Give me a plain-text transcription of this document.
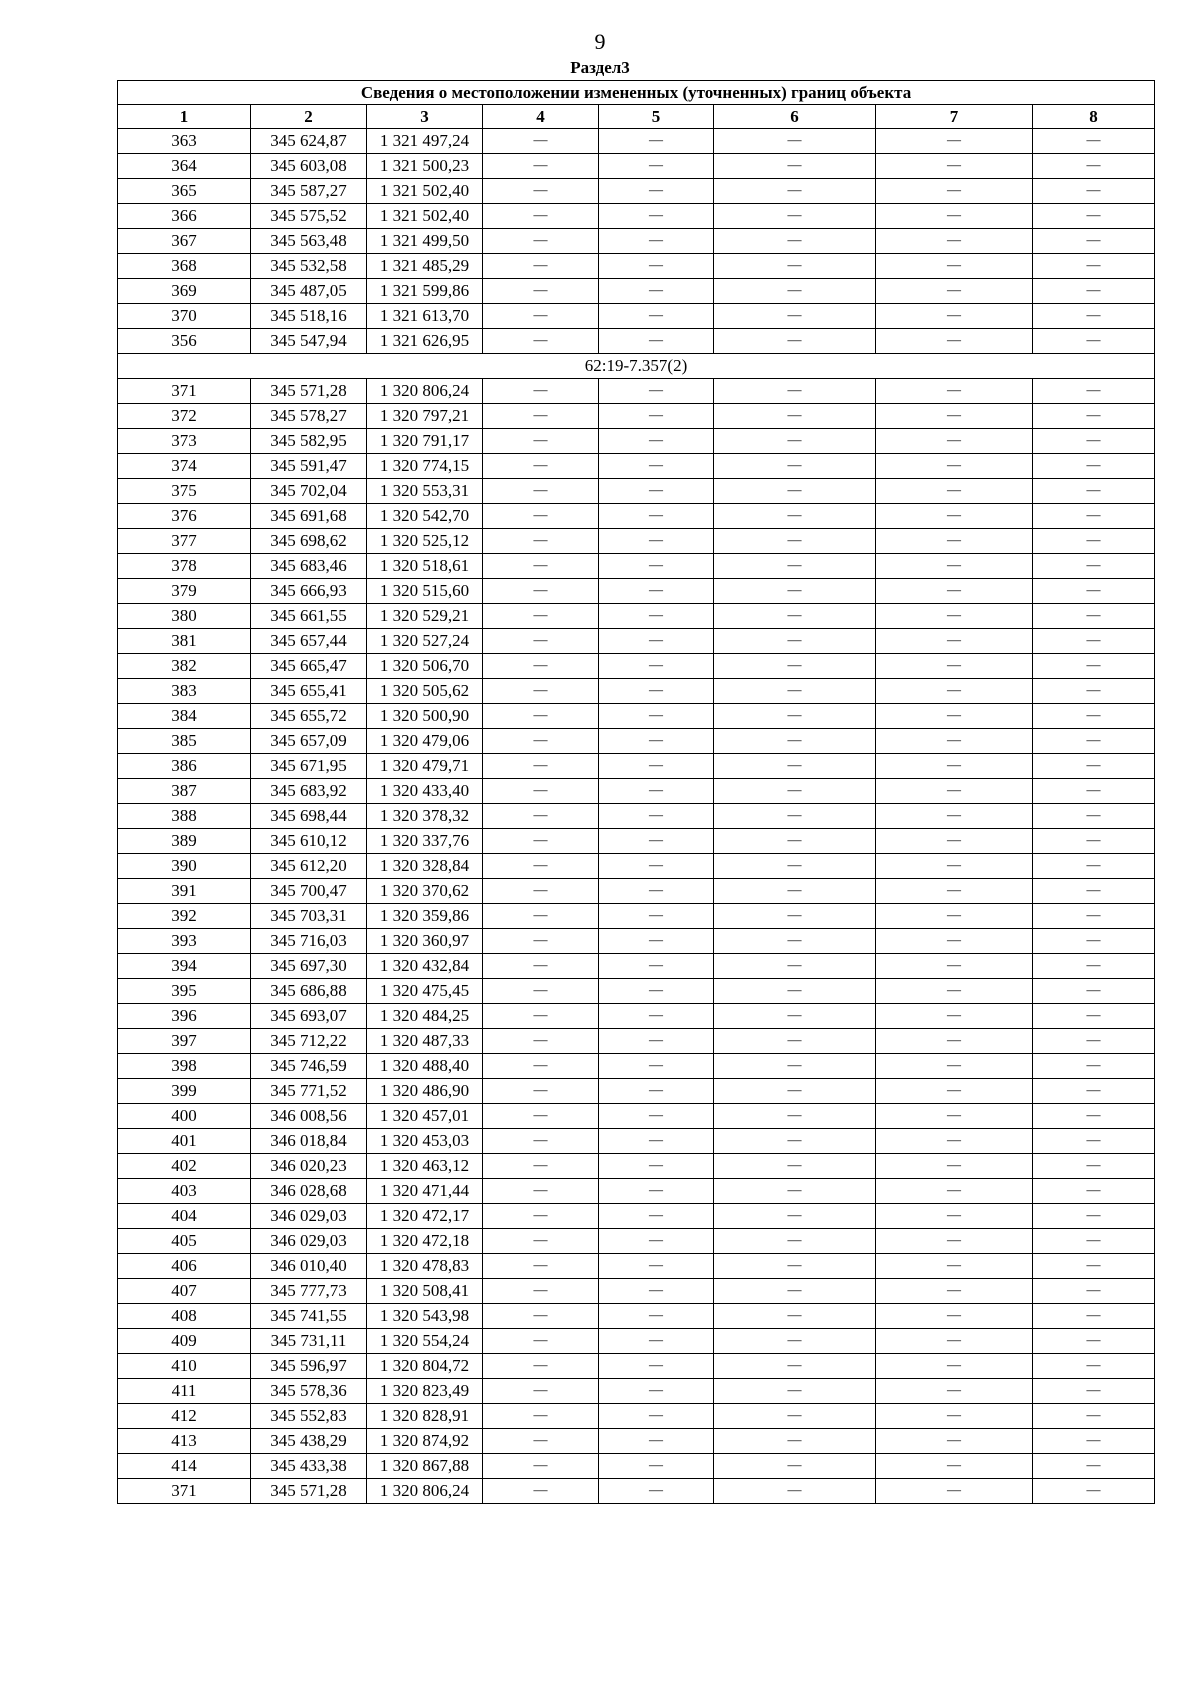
9
Раздел3
Сведения о местоположении измененных (уточненных) границ объекта							
1	2	3	4	5	6	7	8
363	345 624,87	1 321 497,24	—	—	—	—	—
364	345 603,08	1 321 500,23	—	—	—	—	—
365	345 587,27	1 321 502,40	—	—	—	—	—
366	345 575,52	1 321 502,40	—	—	—	—	—
367	345 563,48	1 321 499,50	—	—	—	—	—
368	345 532,58	1 321 485,29	—	—	—	—	—
369	345 487,05	1 321 599,86	—	—	—	—	—
370	345 518,16	1 321 613,70	—	—	—	—	—
356	345 547,94	1 321 626,95	—	—	—	—	—
62:19-7.357(2)							
371	345 571,28	1 320 806,24	—	—	—	—	—
372	345 578,27	1 320 797,21	—	—	—	—	—
373	345 582,95	1 320 791,17	—	—	—	—	—
374	345 591,47	1 320 774,15	—	—	—	—	—
375	345 702,04	1 320 553,31	—	—	—	—	—
376	345 691,68	1 320 542,70	—	—	—	—	—
377	345 698,62	1 320 525,12	—	—	—	—	—
378	345 683,46	1 320 518,61	—	—	—	—	—
379	345 666,93	1 320 515,60	—	—	—	—	—
380	345 661,55	1 320 529,21	—	—	—	—	—
381	345 657,44	1 320 527,24	—	—	—	—	—
382	345 665,47	1 320 506,70	—	—	—	—	—
383	345 655,41	1 320 505,62	—	—	—	—	—
384	345 655,72	1 320 500,90	—	—	—	—	—
385	345 657,09	1 320 479,06	—	—	—	—	—
386	345 671,95	1 320 479,71	—	—	—	—	—
387	345 683,92	1 320 433,40	—	—	—	—	—
388	345 698,44	1 320 378,32	—	—	—	—	—
389	345 610,12	1 320 337,76	—	—	—	—	—
390	345 612,20	1 320 328,84	—	—	—	—	—
391	345 700,47	1 320 370,62	—	—	—	—	—
392	345 703,31	1 320 359,86	—	—	—	—	—
393	345 716,03	1 320 360,97	—	—	—	—	—
394	345 697,30	1 320 432,84	—	—	—	—	—
395	345 686,88	1 320 475,45	—	—	—	—	—
396	345 693,07	1 320 484,25	—	—	—	—	—
397	345 712,22	1 320 487,33	—	—	—	—	—
398	345 746,59	1 320 488,40	—	—	—	—	—
399	345 771,52	1 320 486,90	—	—	—	—	—
400	346 008,56	1 320 457,01	—	—	—	—	—
401	346 018,84	1 320 453,03	—	—	—	—	—
402	346 020,23	1 320 463,12	—	—	—	—	—
403	346 028,68	1 320 471,44	—	—	—	—	—
404	346 029,03	1 320 472,17	—	—	—	—	—
405	346 029,03	1 320 472,18	—	—	—	—	—
406	346 010,40	1 320 478,83	—	—	—	—	—
407	345 777,73	1 320 508,41	—	—	—	—	—
408	345 741,55	1 320 543,98	—	—	—	—	—
409	345 731,11	1 320 554,24	—	—	—	—	—
410	345 596,97	1 320 804,72	—	—	—	—	—
411	345 578,36	1 320 823,49	—	—	—	—	—
412	345 552,83	1 320 828,91	—	—	—	—	—
413	345 438,29	1 320 874,92	—	—	—	—	—
414	345 433,38	1 320 867,88	—	—	—	—	—
371	345 571,28	1 320 806,24	—	—	—	—	—
